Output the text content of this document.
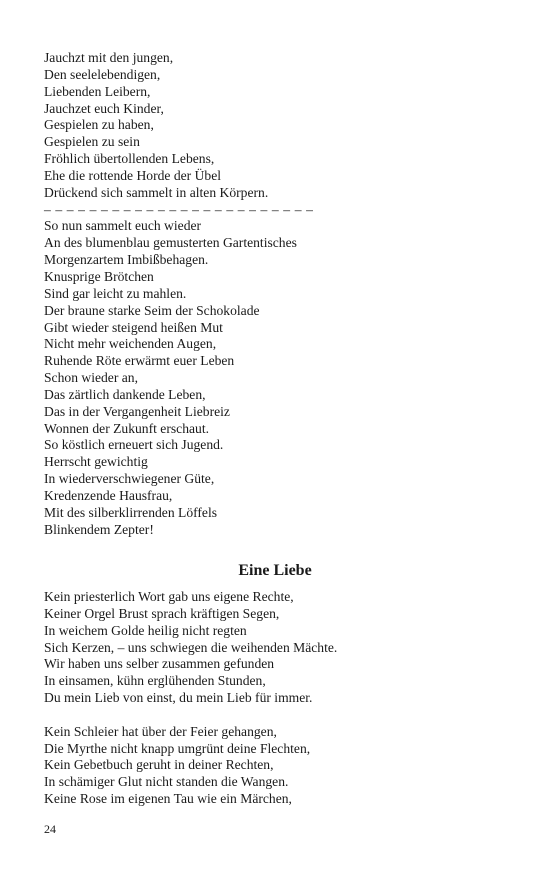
Jauchzt mit den jungen,
Den seelelebendigen,
Liebenden Leibern,
Jauchzet euch Kinder,
Gespielen zu haben,
Gespielen zu sein
Fröhlich übertollenden Lebens,
Ehe die rottende Horde der Übel
Drückend sich sammelt in alten Körpern.
– – – – – – – – – – – – – – – – – – – – – – – –
So nun sammelt euch wieder
An des blumenblau gemusterten Gartentisches
Morgenzartem Imbißbehagen.
Knusprige Brötchen
Sind gar leicht zu mahlen.
Der braune starke Seim der Schokolade
Gibt wieder steigend heißen Mut
Nicht mehr weichenden Augen,
Ruhende Röte erwärmt euer Leben
Schon wieder an,
Das zärtlich dankende Leben,
Das in der Vergangenheit Liebreiz
Wonnen der Zukunft erschaut.
So köstlich erneuert sich Jugend.
Herrscht gewichtig
In wiederverschwiegener Güte,
Kredenzende Hausfrau,
Mit des silberklirrenden Löffels
Blinkendem Zepter!
Eine Liebe
Kein priesterlich Wort gab uns eigene Rechte,
Keiner Orgel Brust sprach kräftigen Segen,
In weichem Golde heilig nicht regten
Sich Kerzen, – uns schwiegen die weihenden Mächte.
Wir haben uns selber zusammen gefunden
In einsamen, kühn erglühenden Stunden,
Du mein Lieb von einst, du mein Lieb für immer.
Kein Schleier hat über der Feier gehangen,
Die Myrthe nicht knapp umgrünt deine Flechten,
Kein Gebetbuch geruht in deiner Rechten,
In schämiger Glut nicht standen die Wangen.
Keine Rose im eigenen Tau wie ein Märchen,
24
